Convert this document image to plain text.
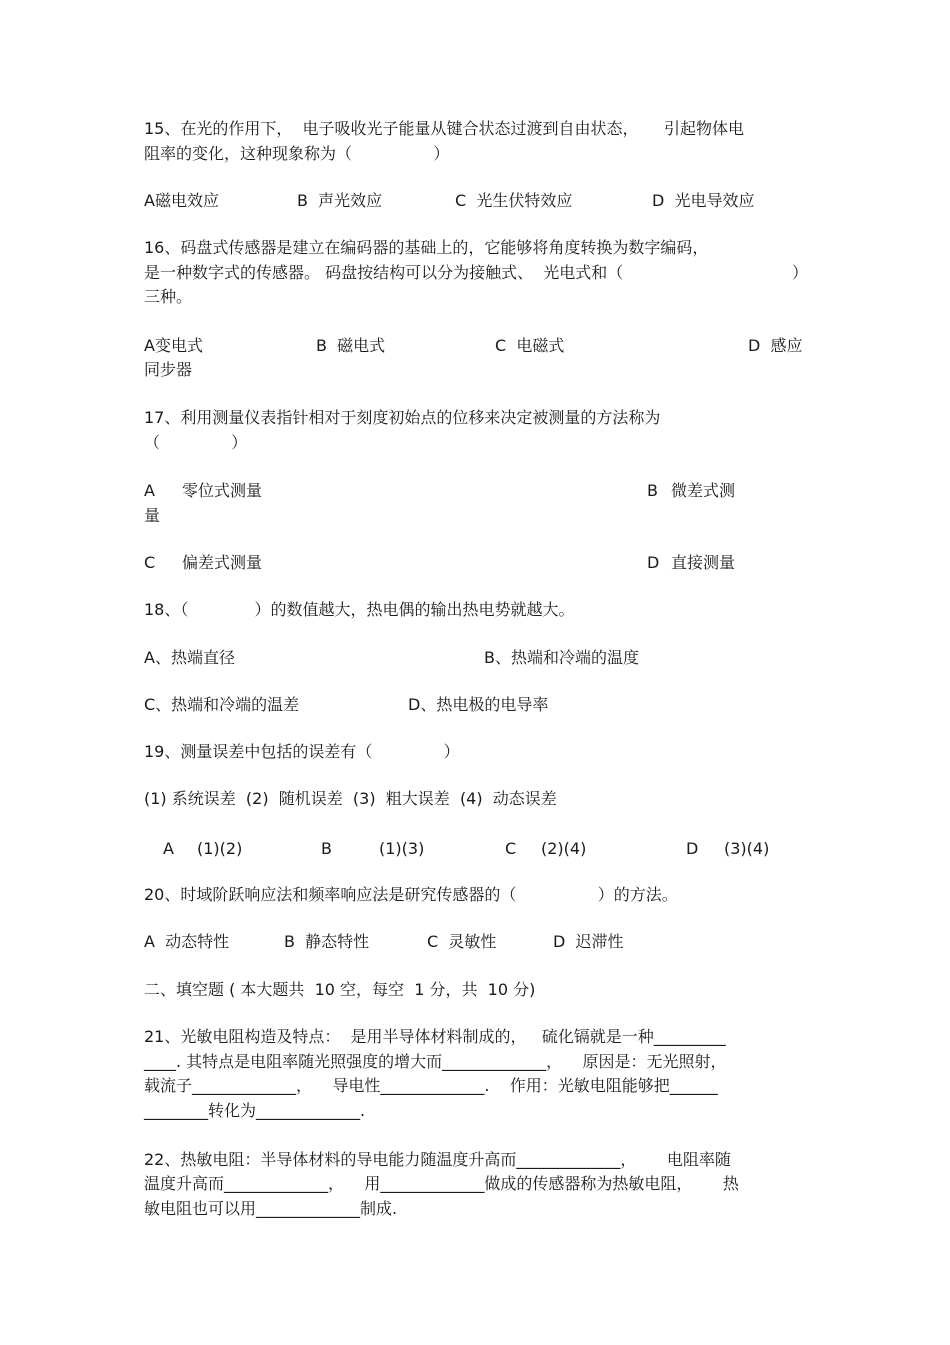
15、在光的作用下，  电子吸收光子能量从键合状态过渡到自由状态，     引起物体电
阻率的变化，这种现象称为（                ）
A磁电效应	B  声光效应	C  光生伏特效应	D  光电导效应
16、码盘式传感器是建立在编码器的基础上的，它能够将角度转换为数字编码，
是一种数字式的传感器。 码盘按结构可以分为接触式、  光电式和（	）
三种。
A变电式	B  磁电式	C  电磁式	D  感应
同步器
17、利用测量仪表指针相对于刻度初始点的位移来决定被测量的方法称为
（              ）
A 零位式测量	B 微差式测
量
C 偏差式测量	D 直接测量
18、（             ）的数值越大，热电偶的输出热电势就越大。
A、热端直径	B、热端和冷端的温度
C、热端和冷端的温差	D、热电极的电导率
19、测量误差中包括的误差有（              ）
(1) 系统误差  (2)  随机误差  (3)  粗大误差  (4)  动态误差
A (1)(2)	B	(1)(3)	C (2)(4)	D (3)(4)
20、时域阶跃响应法和频率响应法是研究传感器的（                ）的方法。
A  动态特性	B  静态特性	C  灵敏性	D  迟滞性
二、填空题 ( 本大题共  10 空，每空  1 分，共  10 分)
21、光敏电阻构造及特点：  是用半导体材料制成的，   硫化镉就是一种_________
____. 其特点是电阻率随光照强度的增大而_____________，    原因是：无光照射，
载流子_____________，    导电性_____________.    作用：光敏电阻能够把______
________转化为_____________.
22、热敏电阻：半导体材料的导电能力随温度升高而_____________，      电阻率随
温度升高而_____________，    用_____________做成的传感器称为热敏电阻，      热
敏电阻也可以用_____________制成.
